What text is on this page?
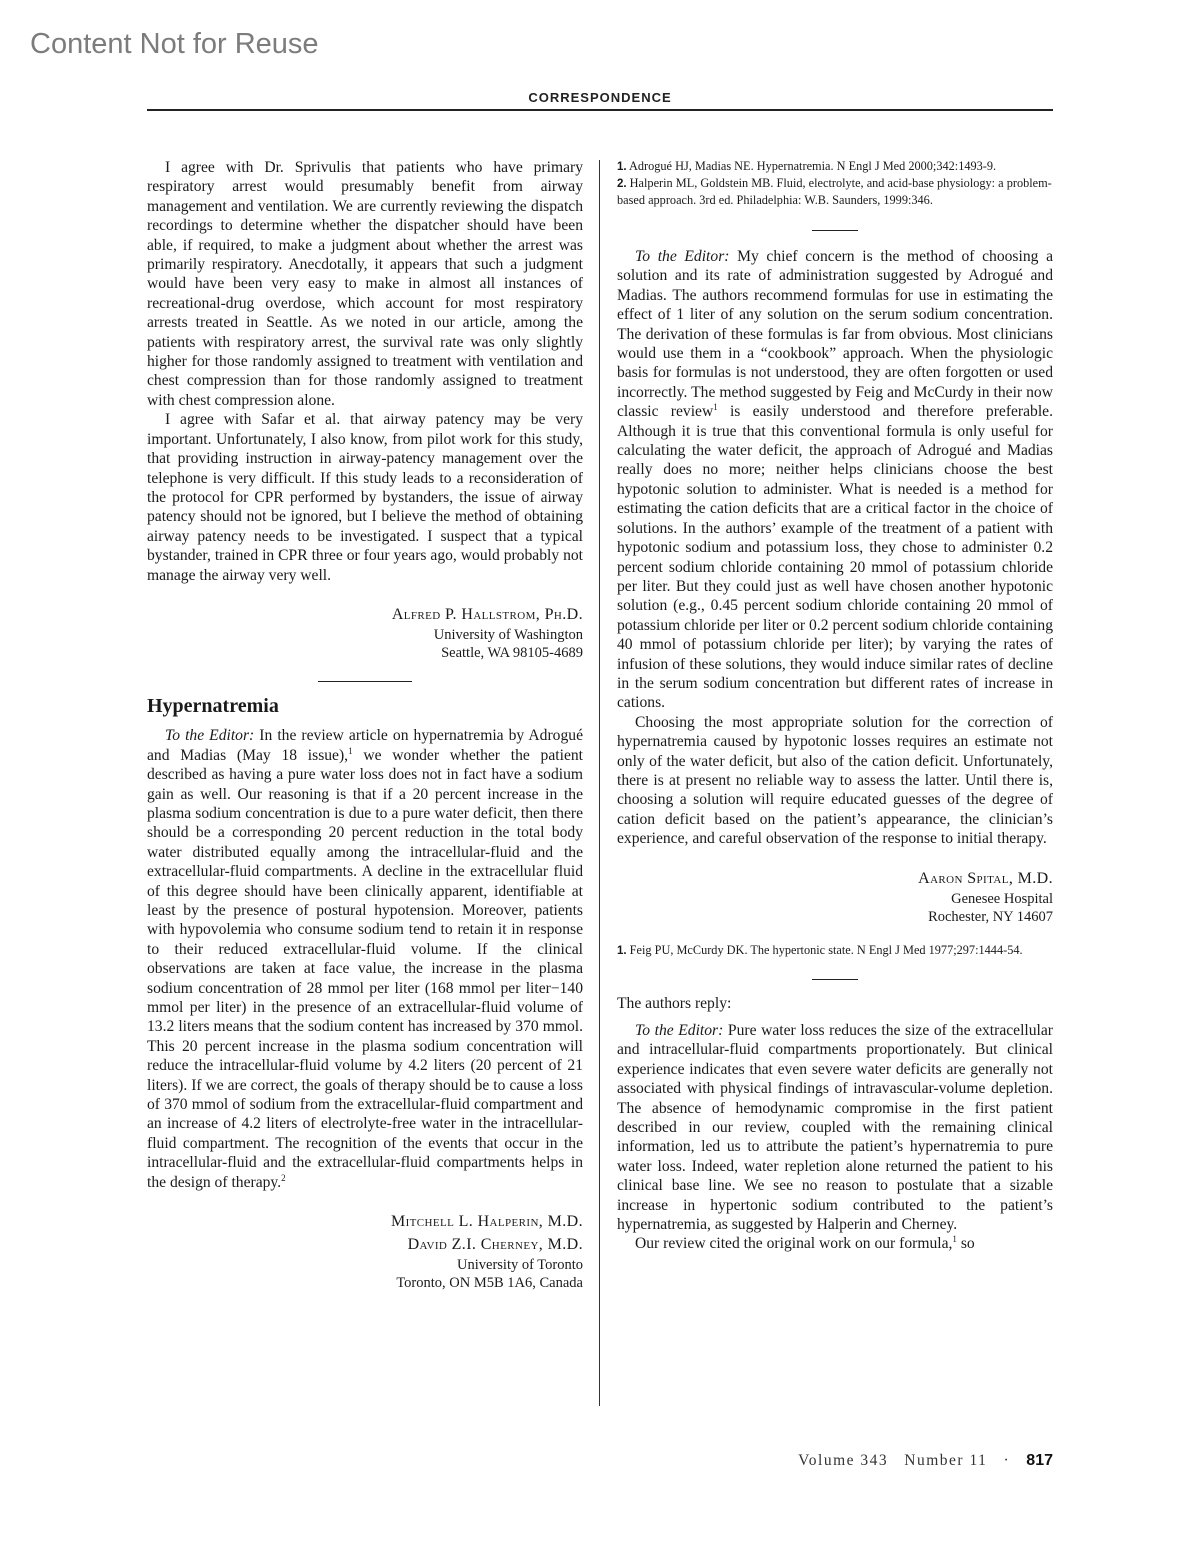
Content Not for Reuse
CORRESPONDENCE

I agree with Dr. Sprivulis that patients who have primary respiratory arrest would presumably benefit from airway management and ventilation. We are currently reviewing the dispatch recordings to determine whether the dispatcher should have been able, if required, to make a judgment about whether the arrest was primarily respiratory. Anecdotally, it appears that such a judgment would have been very easy to make in almost all instances of recreational-drug overdose, which account for most respiratory arrests treated in Seattle. As we noted in our article, among the patients with respiratory arrest, the survival rate was only slightly higher for those randomly assigned to treatment with ventilation and chest compression than for those randomly assigned to treatment with chest compression alone.

I agree with Safar et al. that airway patency may be very important. Unfortunately, I also know, from pilot work for this study, that providing instruction in airway-patency management over the telephone is very difficult. If this study leads to a reconsideration of the protocol for CPR performed by bystanders, the issue of airway patency should not be ignored, but I believe the method of obtaining airway patency needs to be investigated. I suspect that a typical bystander, trained in CPR three or four years ago, would probably not manage the airway very well.

Alfred P. Hallstrom, Ph.D.
University of Washington
Seattle, WA 98105-4689
Hypernatremia

To the Editor: In the review article on hypernatremia by Adrogué and Madias (May 18 issue),$^1$ we wonder whether the patient described as having a pure water loss does not in fact have a sodium gain as well. Our reasoning is that if a 20 percent increase in the plasma sodium concentration is due to a pure water deficit, then there should be a corresponding 20 percent reduction in the total body water distributed equally among the intracellular-fluid and the extracellular-fluid compartments. A decline in the extracellular fluid of this degree should have been clinically apparent, identifiable at least by the presence of postural hypotension. Moreover, patients with hypovolemia who consume sodium tend to retain it in response to their reduced extracellular-fluid volume. If the clinical observations are taken at face value, the increase in the plasma sodium concentration of 28 mmol per liter (168 mmol per liter−140 mmol per liter) in the presence of an extracellular-fluid volume of 13.2 liters means that the sodium content has increased by 370 mmol. This 20 percent increase in the plasma sodium concentration will reduce the intracellular-fluid volume by 4.2 liters (20 percent of 21 liters). If we are correct, the goals of therapy should be to cause a loss of 370 mmol of sodium from the extracellular-fluid compartment and an increase of 4.2 liters of electrolyte-free water in the intracellular-fluid compartment. The recognition of the events that occur in the intracellular-fluid and the extracellular-fluid compartments helps in the design of therapy.$^2$

Mitchell L. Halperin, M.D.
David Z.I. Cherney, M.D.
University of Toronto
Toronto, ON M5B 1A6, Canada
1. Adrogué HJ, Madias NE. Hypernatremia. N Engl J Med 2000;342:1493-9.
2. Halperin ML, Goldstein MB. Fluid, electrolyte, and acid-base physiology: a problem-based approach. 3rd ed. Philadelphia: W.B. Saunders, 1999:346.

To the Editor: My chief concern is the method of choosing a solution and its rate of administration suggested by Adrogué and Madias. The authors recommend formulas for use in estimating the effect of 1 liter of any solution on the serum sodium concentration. The derivation of these formulas is far from obvious. Most clinicians would use them in a “cookbook” approach. When the physiologic basis for formulas is not understood, they are often forgotten or used incorrectly. The method suggested by Feig and McCurdy in their now classic review$^1$ is easily understood and therefore preferable. Although it is true that this conventional formula is only useful for calculating the water deficit, the approach of Adrogué and Madias really does no more; neither helps clinicians choose the best hypotonic solution to administer. What is needed is a method for estimating the cation deficits that are a critical factor in the choice of solutions. In the authors’ example of the treatment of a patient with hypotonic sodium and potassium loss, they chose to administer 0.2 percent sodium chloride containing 20 mmol of potassium chloride per liter. But they could just as well have chosen another hypotonic solution (e.g., 0.45 percent sodium chloride containing 20 mmol of potassium chloride per liter or 0.2 percent sodium chloride containing 40 mmol of potassium chloride per liter); by varying the rates of infusion of these solutions, they would induce similar rates of decline in the serum sodium concentration but different rates of increase in cations.

Choosing the most appropriate solution for the correction of hypernatremia caused by hypotonic losses requires an estimate not only of the water deficit, but also of the cation deficit. Unfortunately, there is at present no reliable way to assess the latter. Until there is, choosing a solution will require educated guesses of the degree of cation deficit based on the patient’s appearance, the clinician’s experience, and careful observation of the response to initial therapy.

Aaron Spital, M.D.
Genesee Hospital
Rochester, NY 14607
1. Feig PU, McCurdy DK. The hypertonic state. N Engl J Med 1977;297:1444-54.

The authors reply:

To the Editor: Pure water loss reduces the size of the extracellular and intracellular-fluid compartments proportionately. But clinical experience indicates that even severe water deficits are generally not associated with physical findings of intravascular-volume depletion. The absence of hemodynamic compromise in the first patient described in our review, coupled with the remaining clinical information, led us to attribute the patient’s hypernatremia to pure water loss. Indeed, water repletion alone returned the patient to his clinical base line. We see no reason to postulate that a sizable increase in hypertonic sodium contributed to the patient’s hypernatremia, as suggested by Halperin and Cherney.

Our review cited the original work on our formula,$^1$ so

Volume 343 Number 11 · 817
